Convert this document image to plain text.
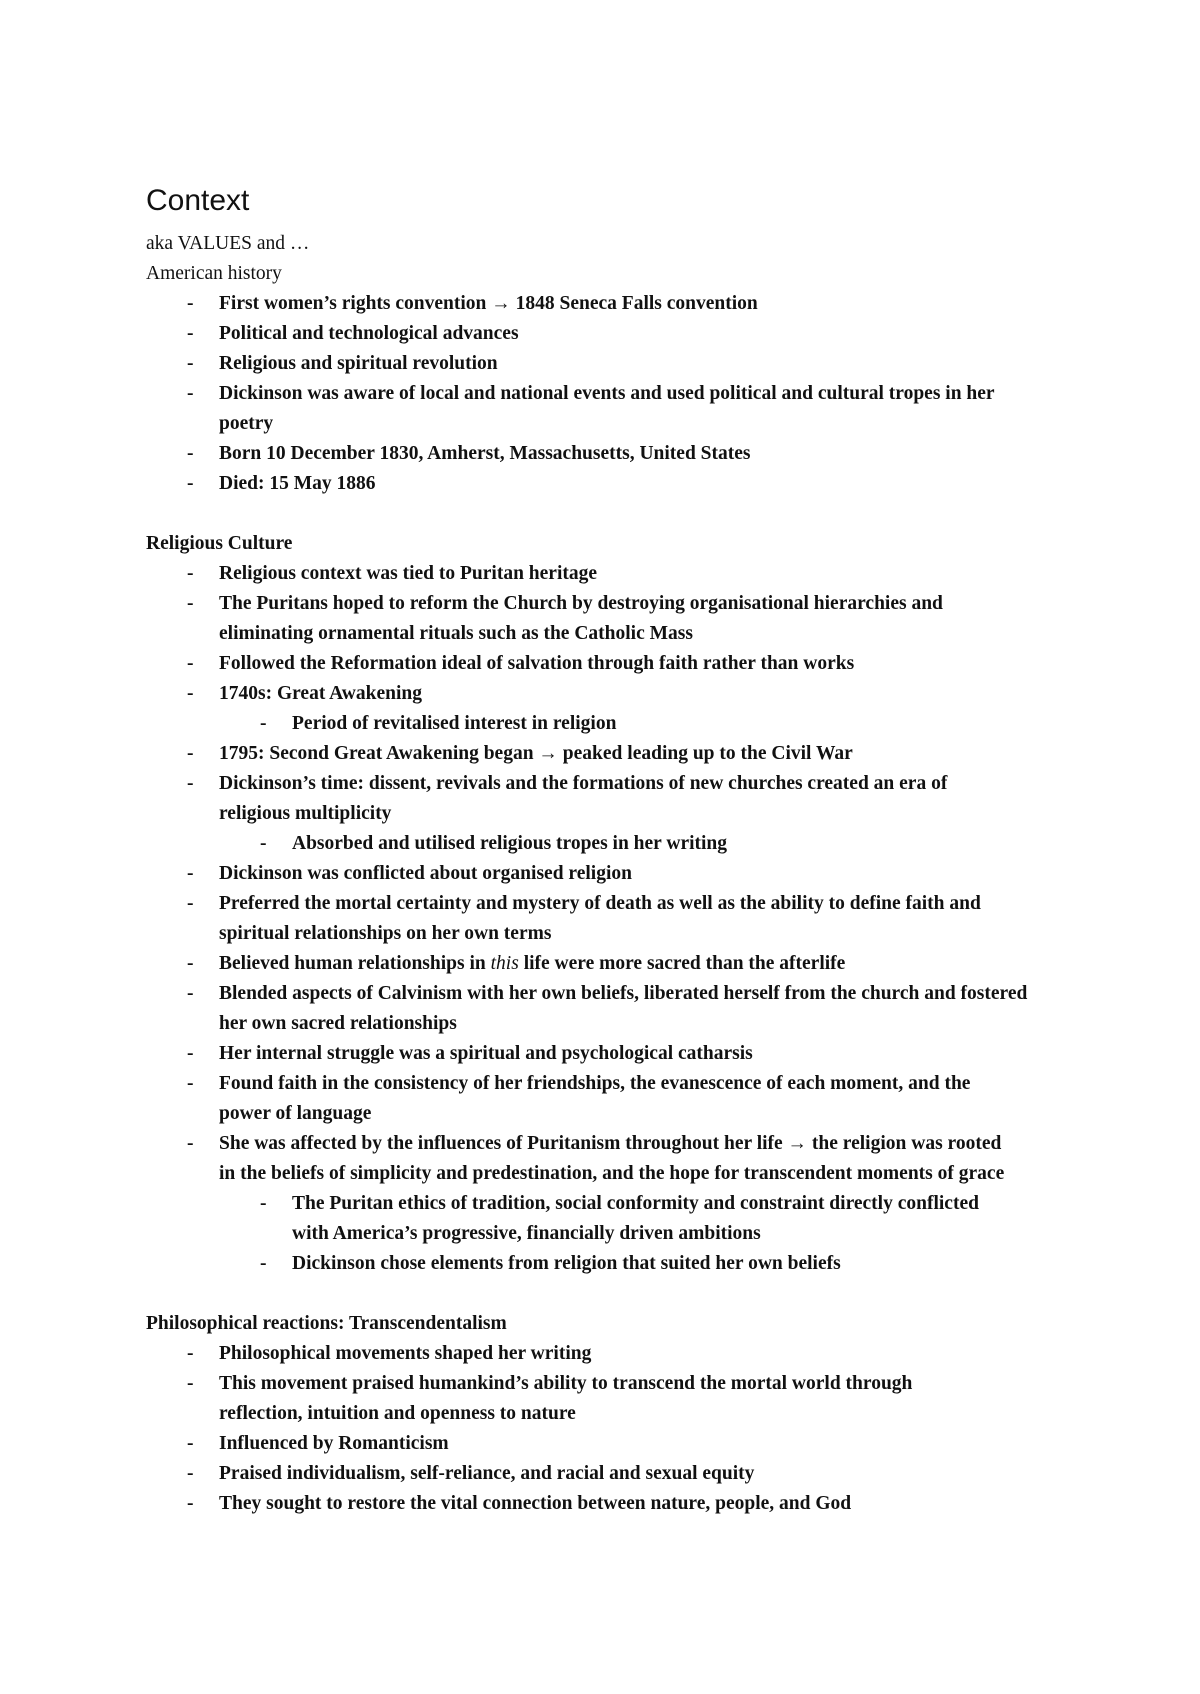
Context
aka VALUES and …
American history
- First women’s rights convention → 1848 Seneca Falls convention
- Political and technological advances
- Religious and spiritual revolution
- Dickinson was aware of local and national events and used political and cultural tropes in her poetry
- Born 10 December 1830, Amherst, Massachusetts, United States
- Died: 15 May 1886
Religious Culture
- Religious context was tied to Puritan heritage
- The Puritans hoped to reform the Church by destroying organisational hierarchies and eliminating ornamental rituals such as the Catholic Mass
- Followed the Reformation ideal of salvation through faith rather than works
- 1740s: Great Awakening
- Period of revitalised interest in religion
- 1795: Second Great Awakening began → peaked leading up to the Civil War
- Dickinson’s time: dissent, revivals and the formations of new churches created an era of religious multiplicity
- Absorbed and utilised religious tropes in her writing
- Dickinson was conflicted about organised religion
- Preferred the mortal certainty and mystery of death as well as the ability to define faith and spiritual relationships on her own terms
- Believed human relationships in this life were more sacred than the afterlife
- Blended aspects of Calvinism with her own beliefs, liberated herself from the church and fostered her own sacred relationships
- Her internal struggle was a spiritual and psychological catharsis
- Found faith in the consistency of her friendships, the evanescence of each moment, and the power of language
- She was affected by the influences of Puritanism throughout her life → the religion was rooted in the beliefs of simplicity and predestination, and the hope for transcendent moments of grace
- The Puritan ethics of tradition, social conformity and constraint directly conflicted with America’s progressive, financially driven ambitions
- Dickinson chose elements from religion that suited her own beliefs
Philosophical reactions: Transcendentalism
- Philosophical movements shaped her writing
- This movement praised humankind’s ability to transcend the mortal world through reflection, intuition and openness to nature
- Influenced by Romanticism
- Praised individualism, self-reliance, and racial and sexual equity
- They sought to restore the vital connection between nature, people, and God
